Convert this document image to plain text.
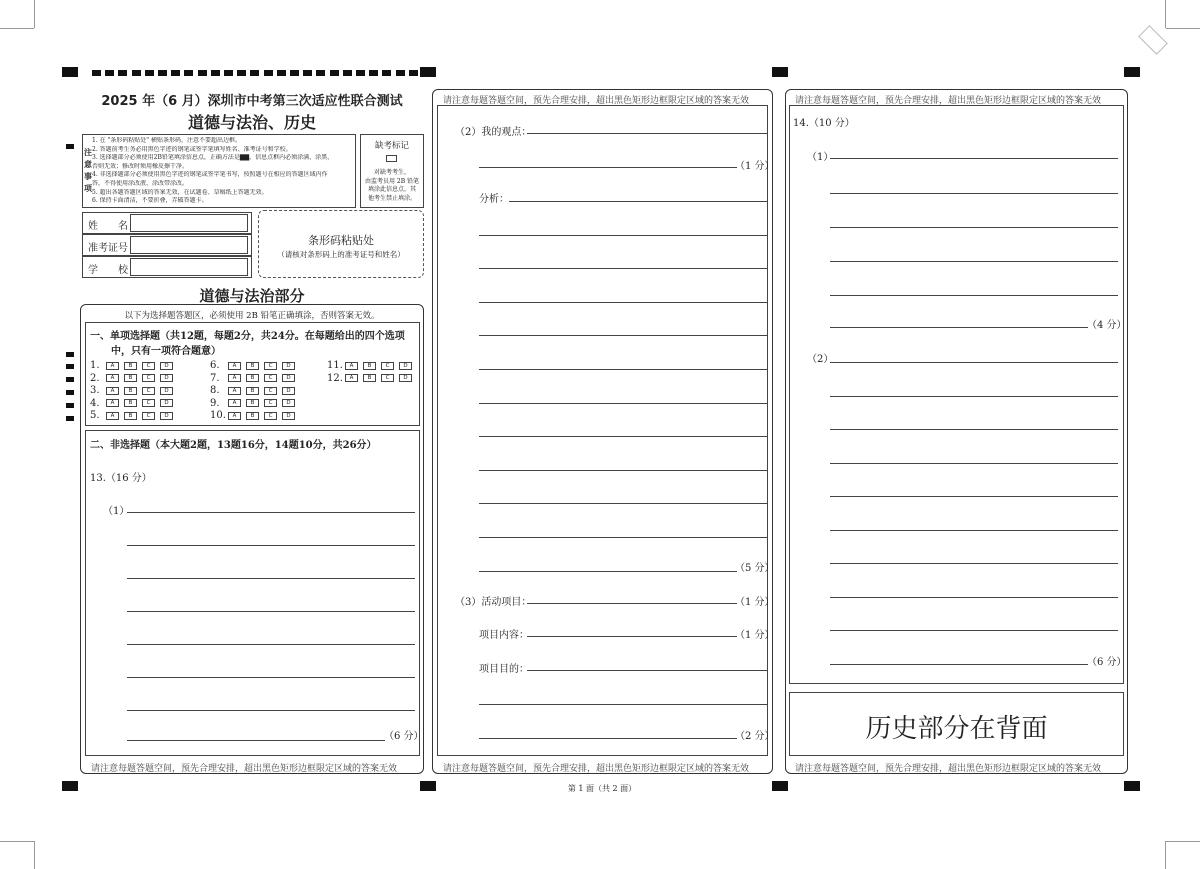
2025 年（6 月）深圳市中考第三次适应性联合测试
道德与法治、历史
注意事项
1. 在 "条形码粘贴处" 横贴条形码，注意不要超出边框。
2. 答题前考生务必用黑色字迹的钢笔或签字笔填写姓名、准考证号和学校。
3. 选择题部分必须使用2B铅笔填涂信息点，正确方法是▇▇，信息点框内必须涂满、涂黑，
否则无效；修改时须用橡皮擦干净。
4. 非选择题部分必须使用黑色字迹的钢笔或签字笔书写，按照题号在相应的答题区域内作
答，不得使用涂改液、涂改带涂改。
5. 超出各题答题区域的答案无效，在试题卷、草稿纸上答题无效。
6. 保持卡面清洁，不要折叠，弄破答题卡。
缺考标记
对缺考考生，
由监考员用 2B 铅笔
填涂此信息点，其
他考生禁止填涂。
姓　　名
准考证号
学　　校
条形码粘贴处
（请核对条形码上的准考证号和姓名）
道德与法治部分
以下为选择题答题区，必须使用 2B 铅笔正确填涂，否则答案无效。
一、单项选择题（共12题，每题2分，共24分。在每题给出的四个选项
中，只有一项符合题意）
1. A	B	C	D
2. A	B	C	D
3. A	B	C	D
4. A	B	C	D
5. A	B	C	D
6. A	B	C	D
7. A	B	C	D
8. A	B	C	D
9. A	B	C	D
10. A	B	C	D
11. A	B	C	D
12. A	B	C	D
二、非选择题（本大题2题，13题16分，14题10分，共26分）
13.（16 分）
（1）
（6 分）
请注意每题答题空间，预先合理安排，超出黑色矩形边框限定区域的答案无效
请注意每题答题空间，预先合理安排，超出黑色矩形边框限定区域的答案无效
请注意每题答题空间，预先合理安排，超出黑色矩形边框限定区域的答案无效
（2）我的观点：
（1 分）
分析：
（5 分）
（3）活动项目：	（1 分）
项目内容：	（1 分）
项目目的：
（2 分）
请注意每题答题空间，预先合理安排，超出黑色矩形边框限定区域的答案无效
14.（10 分）
（1）
（4 分）
（2）
（6 分）
历史部分在背面
请注意每题答题空间，预先合理安排，超出黑色矩形边框限定区域的答案无效
第 1 面（共 2 面）
